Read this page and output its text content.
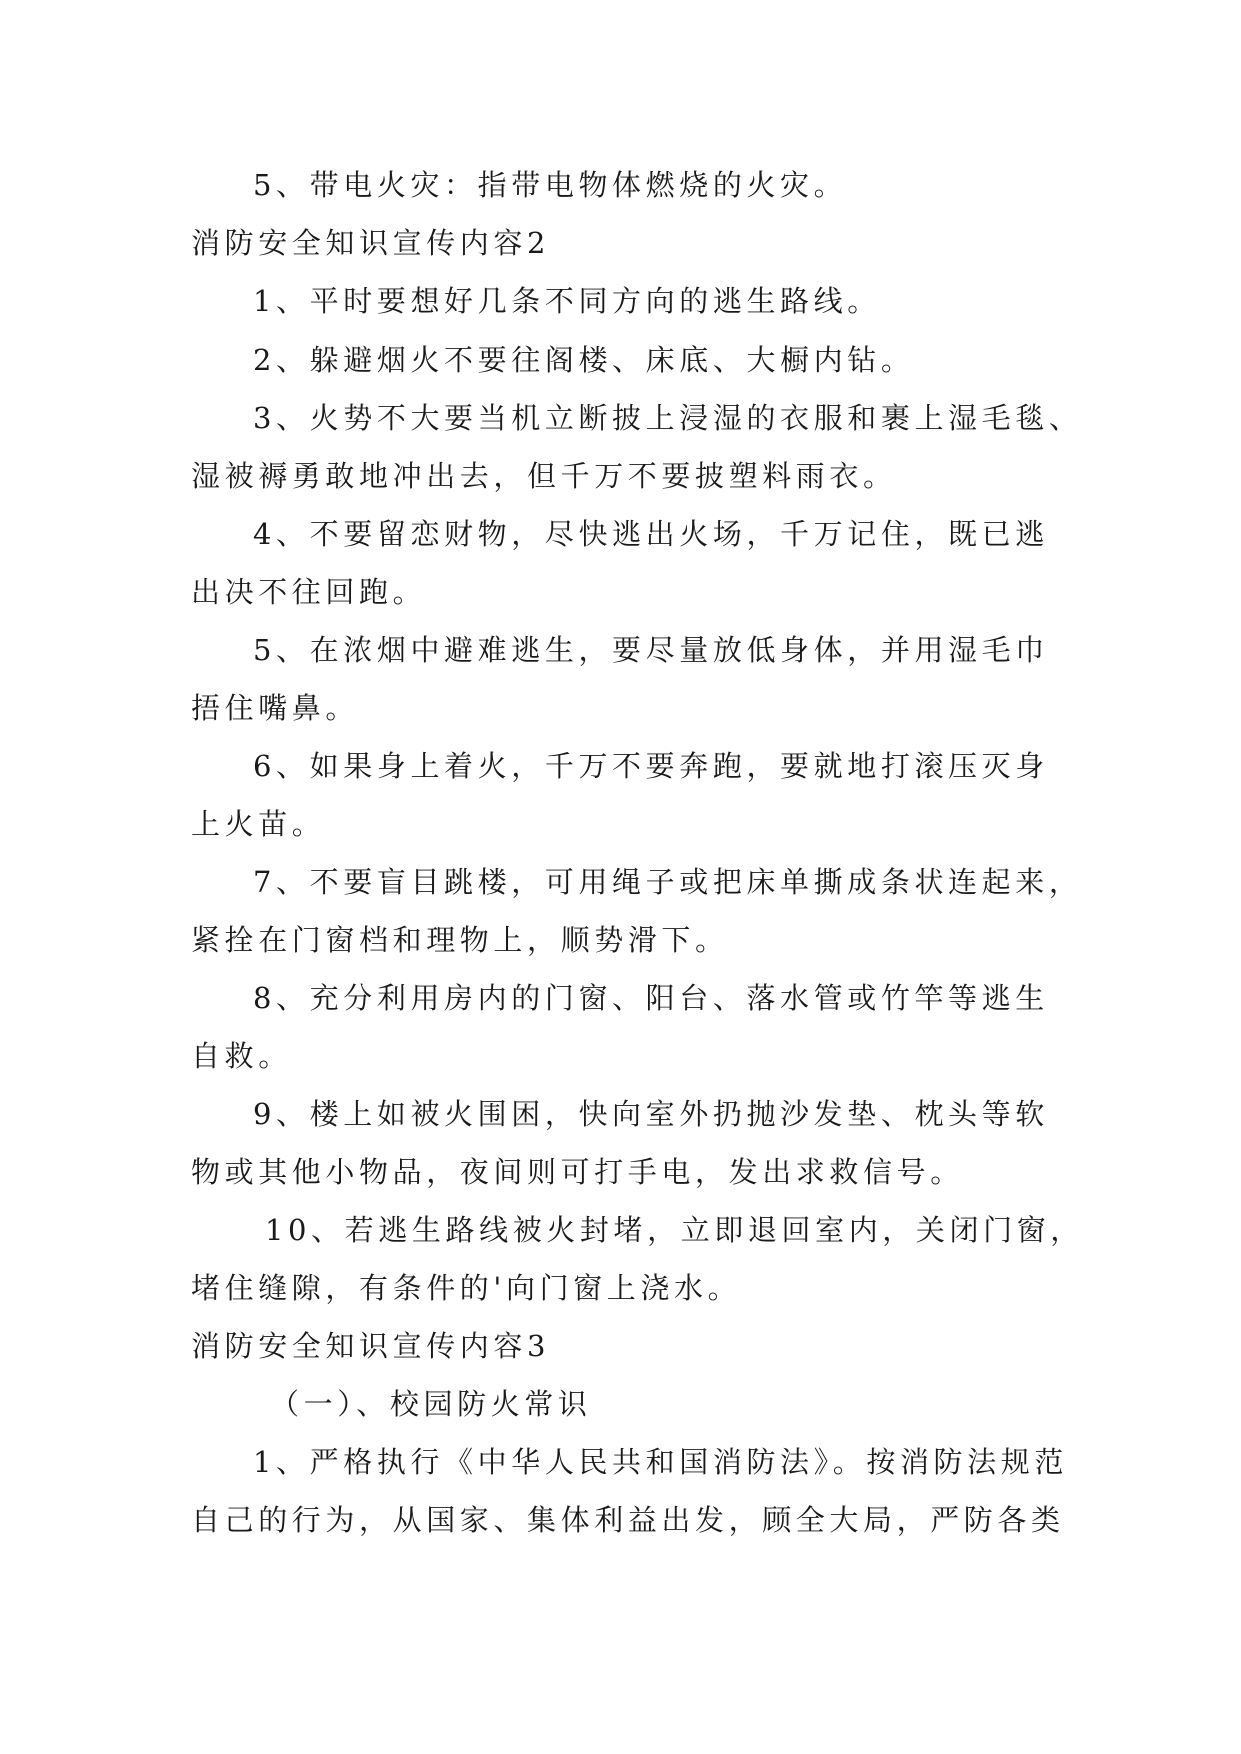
5、带电火灾：指带电物体燃烧的火灾。
消防安全知识宣传内容2
1、平时要想好几条不同方向的逃生路线。
2、躲避烟火不要往阁楼、床底、大橱内钻。
3、火势不大要当机立断披上浸湿的衣服和裹上湿毛毯、
湿被褥勇敢地冲出去，但千万不要披塑料雨衣。
4、不要留恋财物，尽快逃出火场，千万记住，既已逃
出决不往回跑。
5、在浓烟中避难逃生，要尽量放低身体，并用湿毛巾
捂住嘴鼻。
6、如果身上着火，千万不要奔跑，要就地打滚压灭身
上火苗。
7、不要盲目跳楼，可用绳子或把床单撕成条状连起来，
紧拴在门窗档和理物上，顺势滑下。
8、充分利用房内的门窗、阳台、落水管或竹竿等逃生
自救。
9、楼上如被火围困，快向室外扔抛沙发垫、枕头等软
物或其他小物品，夜间则可打手电，发出求救信号。
10、若逃生路线被火封堵，立即退回室内，关闭门窗，
堵住缝隙，有条件的'向门窗上浇水。
消防安全知识宣传内容3
（一）、校园防火常识
1、严格执行《中华人民共和国消防法》。按消防法规范
自己的行为，从国家、集体利益出发，顾全大局，严防各类
